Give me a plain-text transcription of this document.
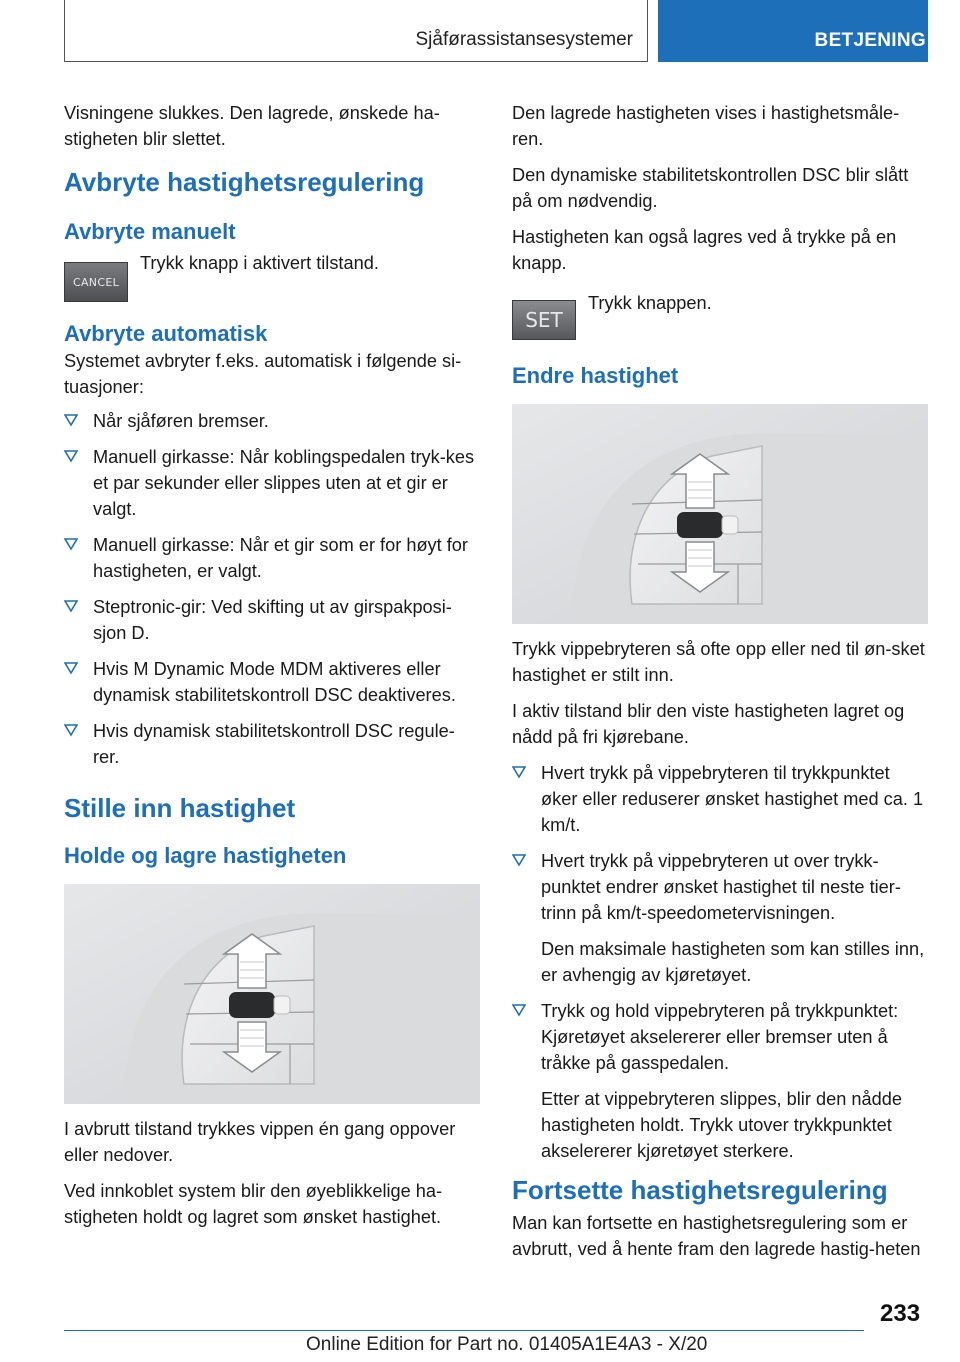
Sjåførassistansesystemer	BETJENING

Visningene slukkes. Den lagrede, ønskede ha-stigheten blir slettet.

Avbryte hastighetsregulering
Avbryte manuelt
CANCEL
Trykk knapp i aktivert tilstand.
Avbryte automatisk

Systemet avbryter f.eks. automatisk i følgende si-tuasjoner:

Når sjåføren bremser.
Manuell girkasse: Når koblingspedalen tryk-kes et par sekunder eller slippes uten at et gir er valgt.
Manuell girkasse: Når et gir som er for høyt for hastigheten, er valgt.
Steptronic-gir: Ved skifting ut av girspakposi-sjon D.
Hvis M Dynamic Mode MDM aktiveres eller dynamisk stabilitetskontroll DSC deaktiveres.
Hvis dynamisk stabilitetskontroll DSC regule-rer.
Stille inn hastighet
Holde og lagre hastigheten

I avbrutt tilstand trykkes vippen én gang oppover eller nedover.

Ved innkoblet system blir den øyeblikkelige ha-stigheten holdt og lagret som ønsket hastighet.

Den lagrede hastigheten vises i hastighetsmåle-ren.

Den dynamiske stabilitetskontrollen DSC blir slått på om nødvendig.

Hastigheten kan også lagres ved å trykke på en knapp.

SET
Trykk knappen.
Endre hastighet

Trykk vippebryteren så ofte opp eller ned til øn-sket hastighet er stilt inn.

I aktiv tilstand blir den viste hastigheten lagret og nådd på fri kjørebane.

Hvert trykk på vippebryteren til trykkpunktet øker eller reduserer ønsket hastighet med ca. 1 km/t.
Hvert trykk på vippebryteren ut over trykk-punktet endrer ønsket hastighet til neste tier-trinn på km/t-speedometervisningen.
Den maksimale hastigheten som kan stilles inn, er avhengig av kjøretøyet.
Trykk og hold vippebryteren på trykkpunktet: Kjøretøyet akselererer eller bremser uten å tråkke på gasspedalen.
Etter at vippebryteren slippes, blir den nådde hastigheten holdt. Trykk utover trykkpunktet akselererer kjøretøyet sterkere.
Fortsette hastighetsregulering

Man kan fortsette en hastighetsregulering som er avbrutt, ved å hente fram den lagrede hastig-heten

233
Online Edition for Part no. 01405A1E4A3 - X/20
